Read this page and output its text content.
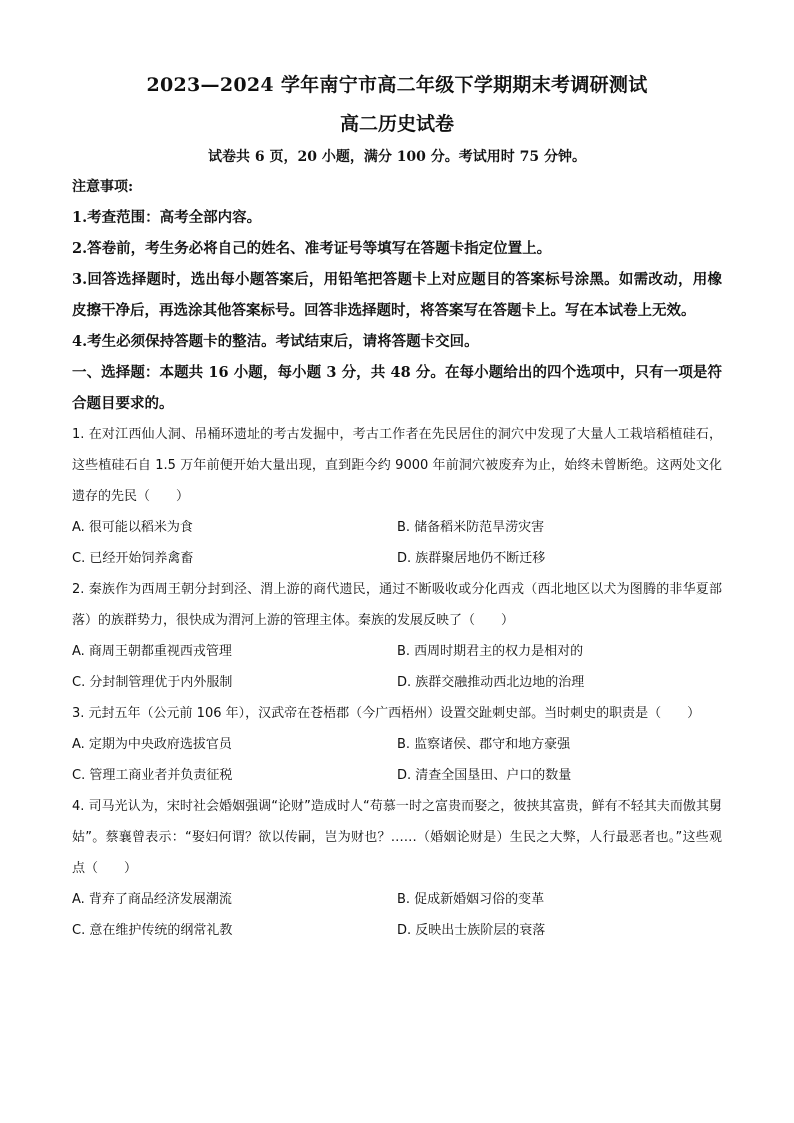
2023—2024 学年南宁市高二年级下学期期末考调研测试
高二历史试卷
试卷共 6 页，20 小题，满分 100 分。考试用时 75 分钟。
注意事项:
1.考查范围：高考全部内容。
2.答卷前，考生务必将自己的姓名、准考证号等填写在答题卡指定位置上。
3.回答选择题时，选出每小题答案后，用铅笔把答题卡上对应题目的答案标号涂黑。如需改动，用橡皮擦干净后，再选涂其他答案标号。回答非选择题时，将答案写在答题卡上。写在本试卷上无效。
4.考生必须保持答题卡的整洁。考试结束后，请将答题卡交回。
一、选择题：本题共 16 小题，每小题 3 分，共 48 分。在每小题给出的四个选项中，只有一项是符合题目要求的。
1. 在对江西仙人洞、吊桶环遗址的考古发掘中，考古工作者在先民居住的洞穴中发现了大量人工栽培稻植硅石，这些植硅石自 1.5 万年前便开始大量出现，直到距今约 9000 年前洞穴被废弃为止，始终未曾断绝。这两处文化遗存的先民（　　）
A. 很可能以稻米为食	B. 储备稻米防范旱涝灾害
C. 已经开始饲养禽畜	D. 族群聚居地仍不断迁移
2. 秦族作为西周王朝分封到泾、渭上游的商代遗民，通过不断吸收或分化西戎（西北地区以犬为图腾的非华夏部落）的族群势力，很快成为渭河上游的管理主体。秦族的发展反映了（　　）
A. 商周王朝都重视西戎管理	B. 西周时期君主的权力是相对的
C. 分封制管理优于内外服制	D. 族群交融推动西北边地的治理
3. 元封五年（公元前 106 年），汉武帝在苍梧郡（今广西梧州）设置交趾刺史部。当时刺史的职责是（　　）
A. 定期为中央政府选拔官员	B. 监察诸侯、郡守和地方豪强
C. 管理工商业者并负责征税	D. 清查全国垦田、户口的数量
4. 司马光认为，宋时社会婚姻强调“论财”造成时人“苟慕一时之富贵而娶之，彼挟其富贵，鲜有不轻其夫而傲其舅姑”。蔡襄曾表示：“娶妇何谓？欲以传嗣，岂为财也？……（婚姻论财是）生民之大弊，人行最恶者也。”这些观点（　　）
A. 背弃了商品经济发展潮流	B. 促成新婚姻习俗的变革
C. 意在维护传统的纲常礼教	D. 反映出士族阶层的衰落
